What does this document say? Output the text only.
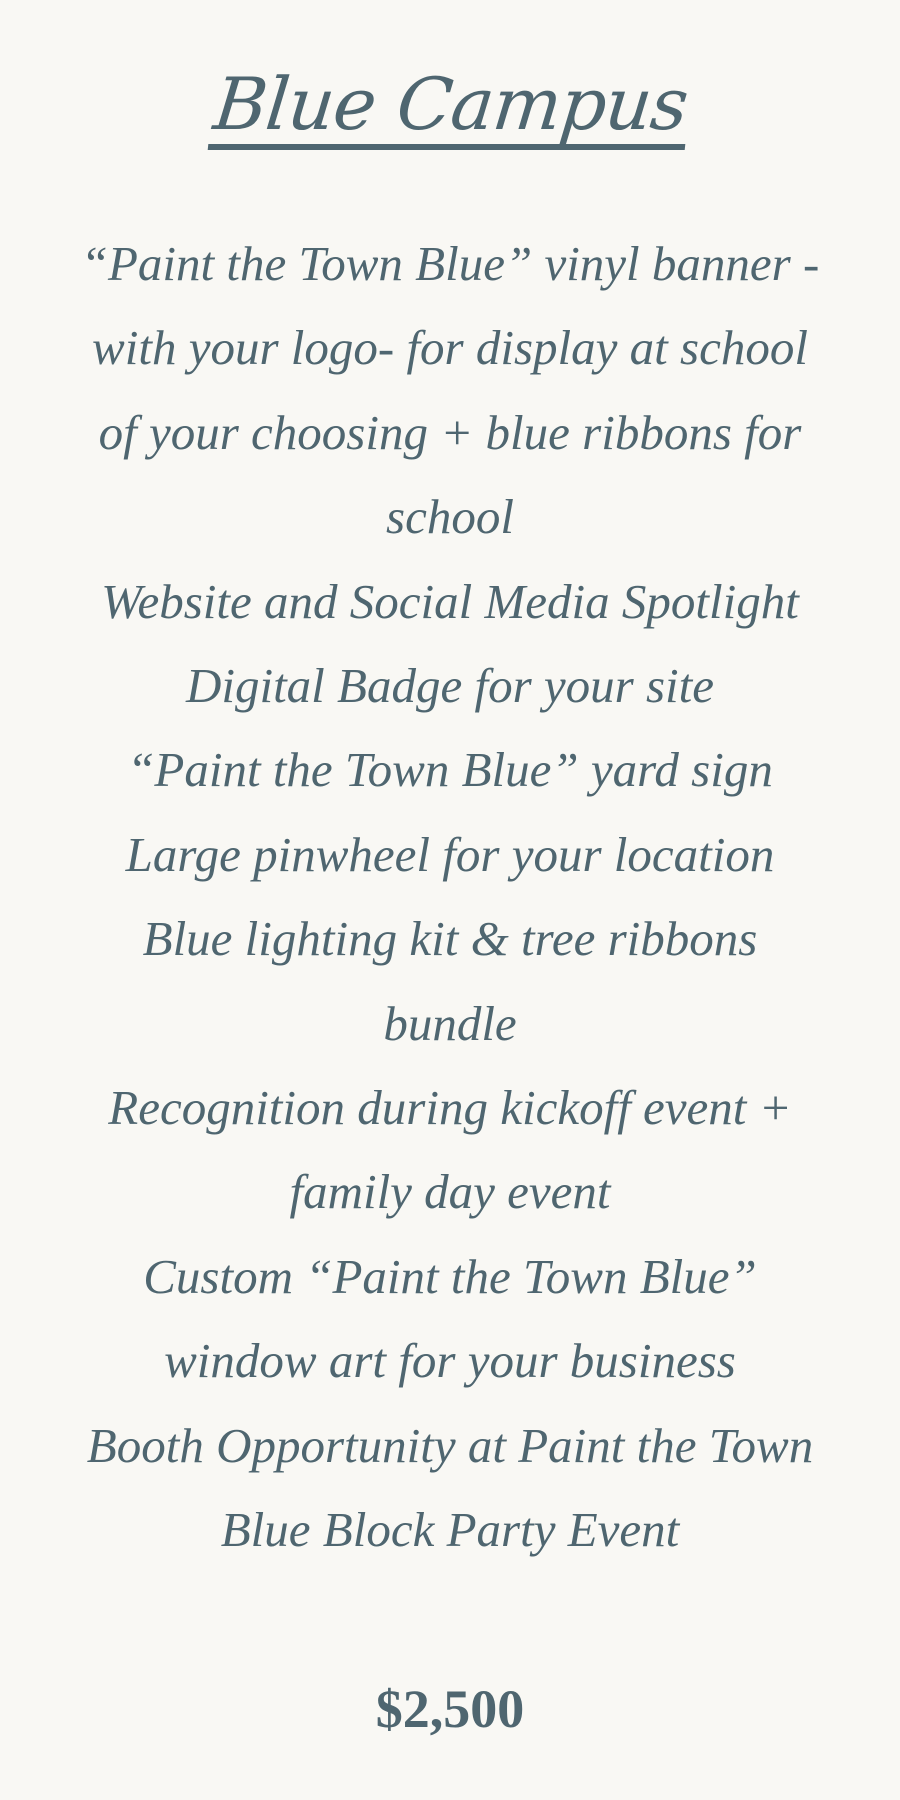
Blue Campus
“Paint the Town Blue” vinyl banner - with your logo- for display at school of your choosing + blue ribbons for school
Website and Social Media Spotlight
Digital Badge for your site
“Paint the Town Blue” yard sign
Large pinwheel for your location
Blue lighting kit & tree ribbons bundle
Recognition during kickoff event + family day event
Custom “Paint the Town Blue” window art for your business
Booth Opportunity at Paint the Town Blue Block Party Event

$2,500
